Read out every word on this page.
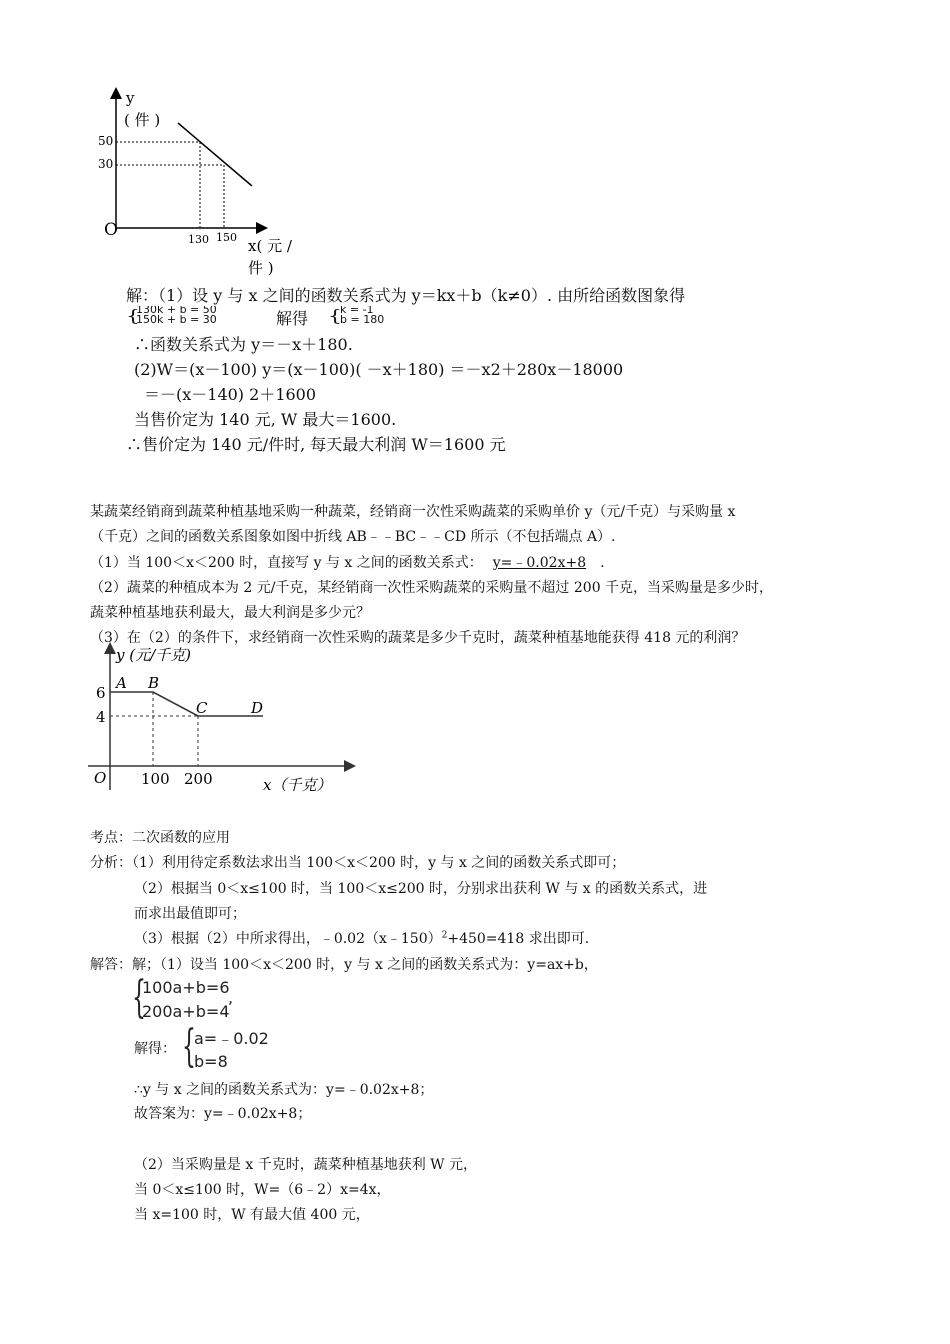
y
( 件 )
50
30
O	130 150 x( 元 /
件 )
解：（1）设 y 与 x 之间的函数关系式为 y＝kx＋b（k≠0）. 由所给函数图象得
{
130k + b = 50
150k + b = 30	解得 {
k = -1
b = 180
∴函数关系式为 y＝－x＋180.
(2)W＝(x－100) y＝(x－100)( －x＋180) ＝－x2＋280x－18000
＝－(x－140) 2＋1600
当售价定为 140 元, W 最大＝1600.
∴售价定为 140 元/件时, 每天最大利润 W＝1600 元
某蔬菜经销商到蔬菜种植基地采购一种蔬菜，经销商一次性采购蔬菜的采购单价 y（元/千克）与采购量 x
（千克）之间的函数关系图象如图中折线 AB﹣﹣BC﹣﹣CD 所示（不包括端点 A）.
（1）当 100＜x＜200 时，直接写 y 与 x 之间的函数关系式： y=﹣0.02x+8 .
（2）蔬菜的种植成本为 2 元/千克，某经销商一次性采购蔬菜的采购量不超过 200 千克，当采购量是多少时，
蔬菜种植基地获利最大，最大利润是多少元？
（3）在（2）的条件下，求经销商一次性采购的蔬菜是多少千克时，蔬菜种植基地能获得 418 元的利润？
y (元/千克)
6
4
A B
C	D
O 100 200	x（千克）
考点：二次函数的应用
分析：（1）利用待定系数法求出当 100＜x＜200 时，y 与 x 之间的函数关系式即可；
（2）根据当 0＜x≤100 时，当 100＜x≤200 时，分别求出获利 W 与 x 的函数关系式，进
而求出最值即可；
（3）根据（2）中所求得出，﹣0.02（x﹣150）$^2$+450=418 求出即可.
解答：解；（1）设当 100＜x＜200 时，y 与 x 之间的函数关系式为：y=ax+b，
{
100a+b=6
200a+b=4
,
解得： {
a=﹣0.02
b=8
∴y 与 x 之间的函数关系式为：y=﹣0.02x+8；
故答案为：y=﹣0.02x+8；
（2）当采购量是 x 千克时，蔬菜种植基地获利 W 元，
当 0＜x≤100 时，W=（6﹣2）x=4x，
当 x=100 时，W 有最大值 400 元，
